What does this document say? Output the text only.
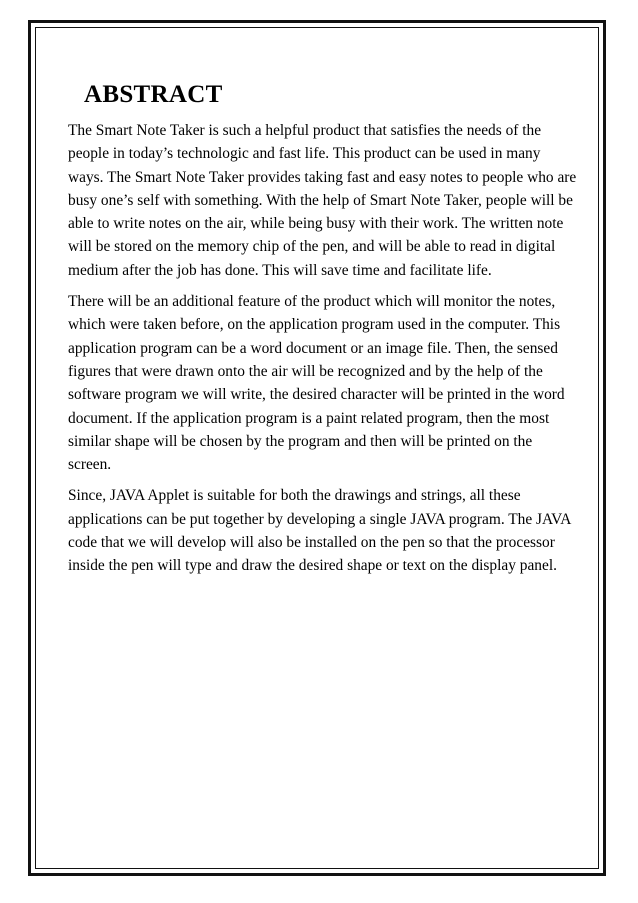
ABSTRACT

The Smart Note Taker is such a helpful product that satisfies the needs of the people in today’s technologic and fast life. This product can be used in many ways. The Smart Note Taker provides taking fast and easy notes to people who are busy one’s self with something. With the help of Smart Note Taker, people will be able to write notes on the air, while being busy with their work. The written note will be stored on the memory chip of the pen, and will be able to read in digital medium after the job has done. This will save time and facilitate life.

There will be an additional feature of the product which will monitor the notes, which were taken before, on the application program used in the computer. This application program can be a word document or an image file. Then, the sensed figures that were drawn onto the air will be recognized and by the help of the software program we will write, the desired character will be printed in the word document. If the application program is a paint related program, then the most similar shape will be chosen by the program and then will be printed on the screen.

Since, JAVA Applet is suitable for both the drawings and strings, all these applications can be put together by developing a single JAVA program. The JAVA code that we will develop will also be installed on the pen so that the processor inside the pen will type and draw the desired shape or text on the display panel.
